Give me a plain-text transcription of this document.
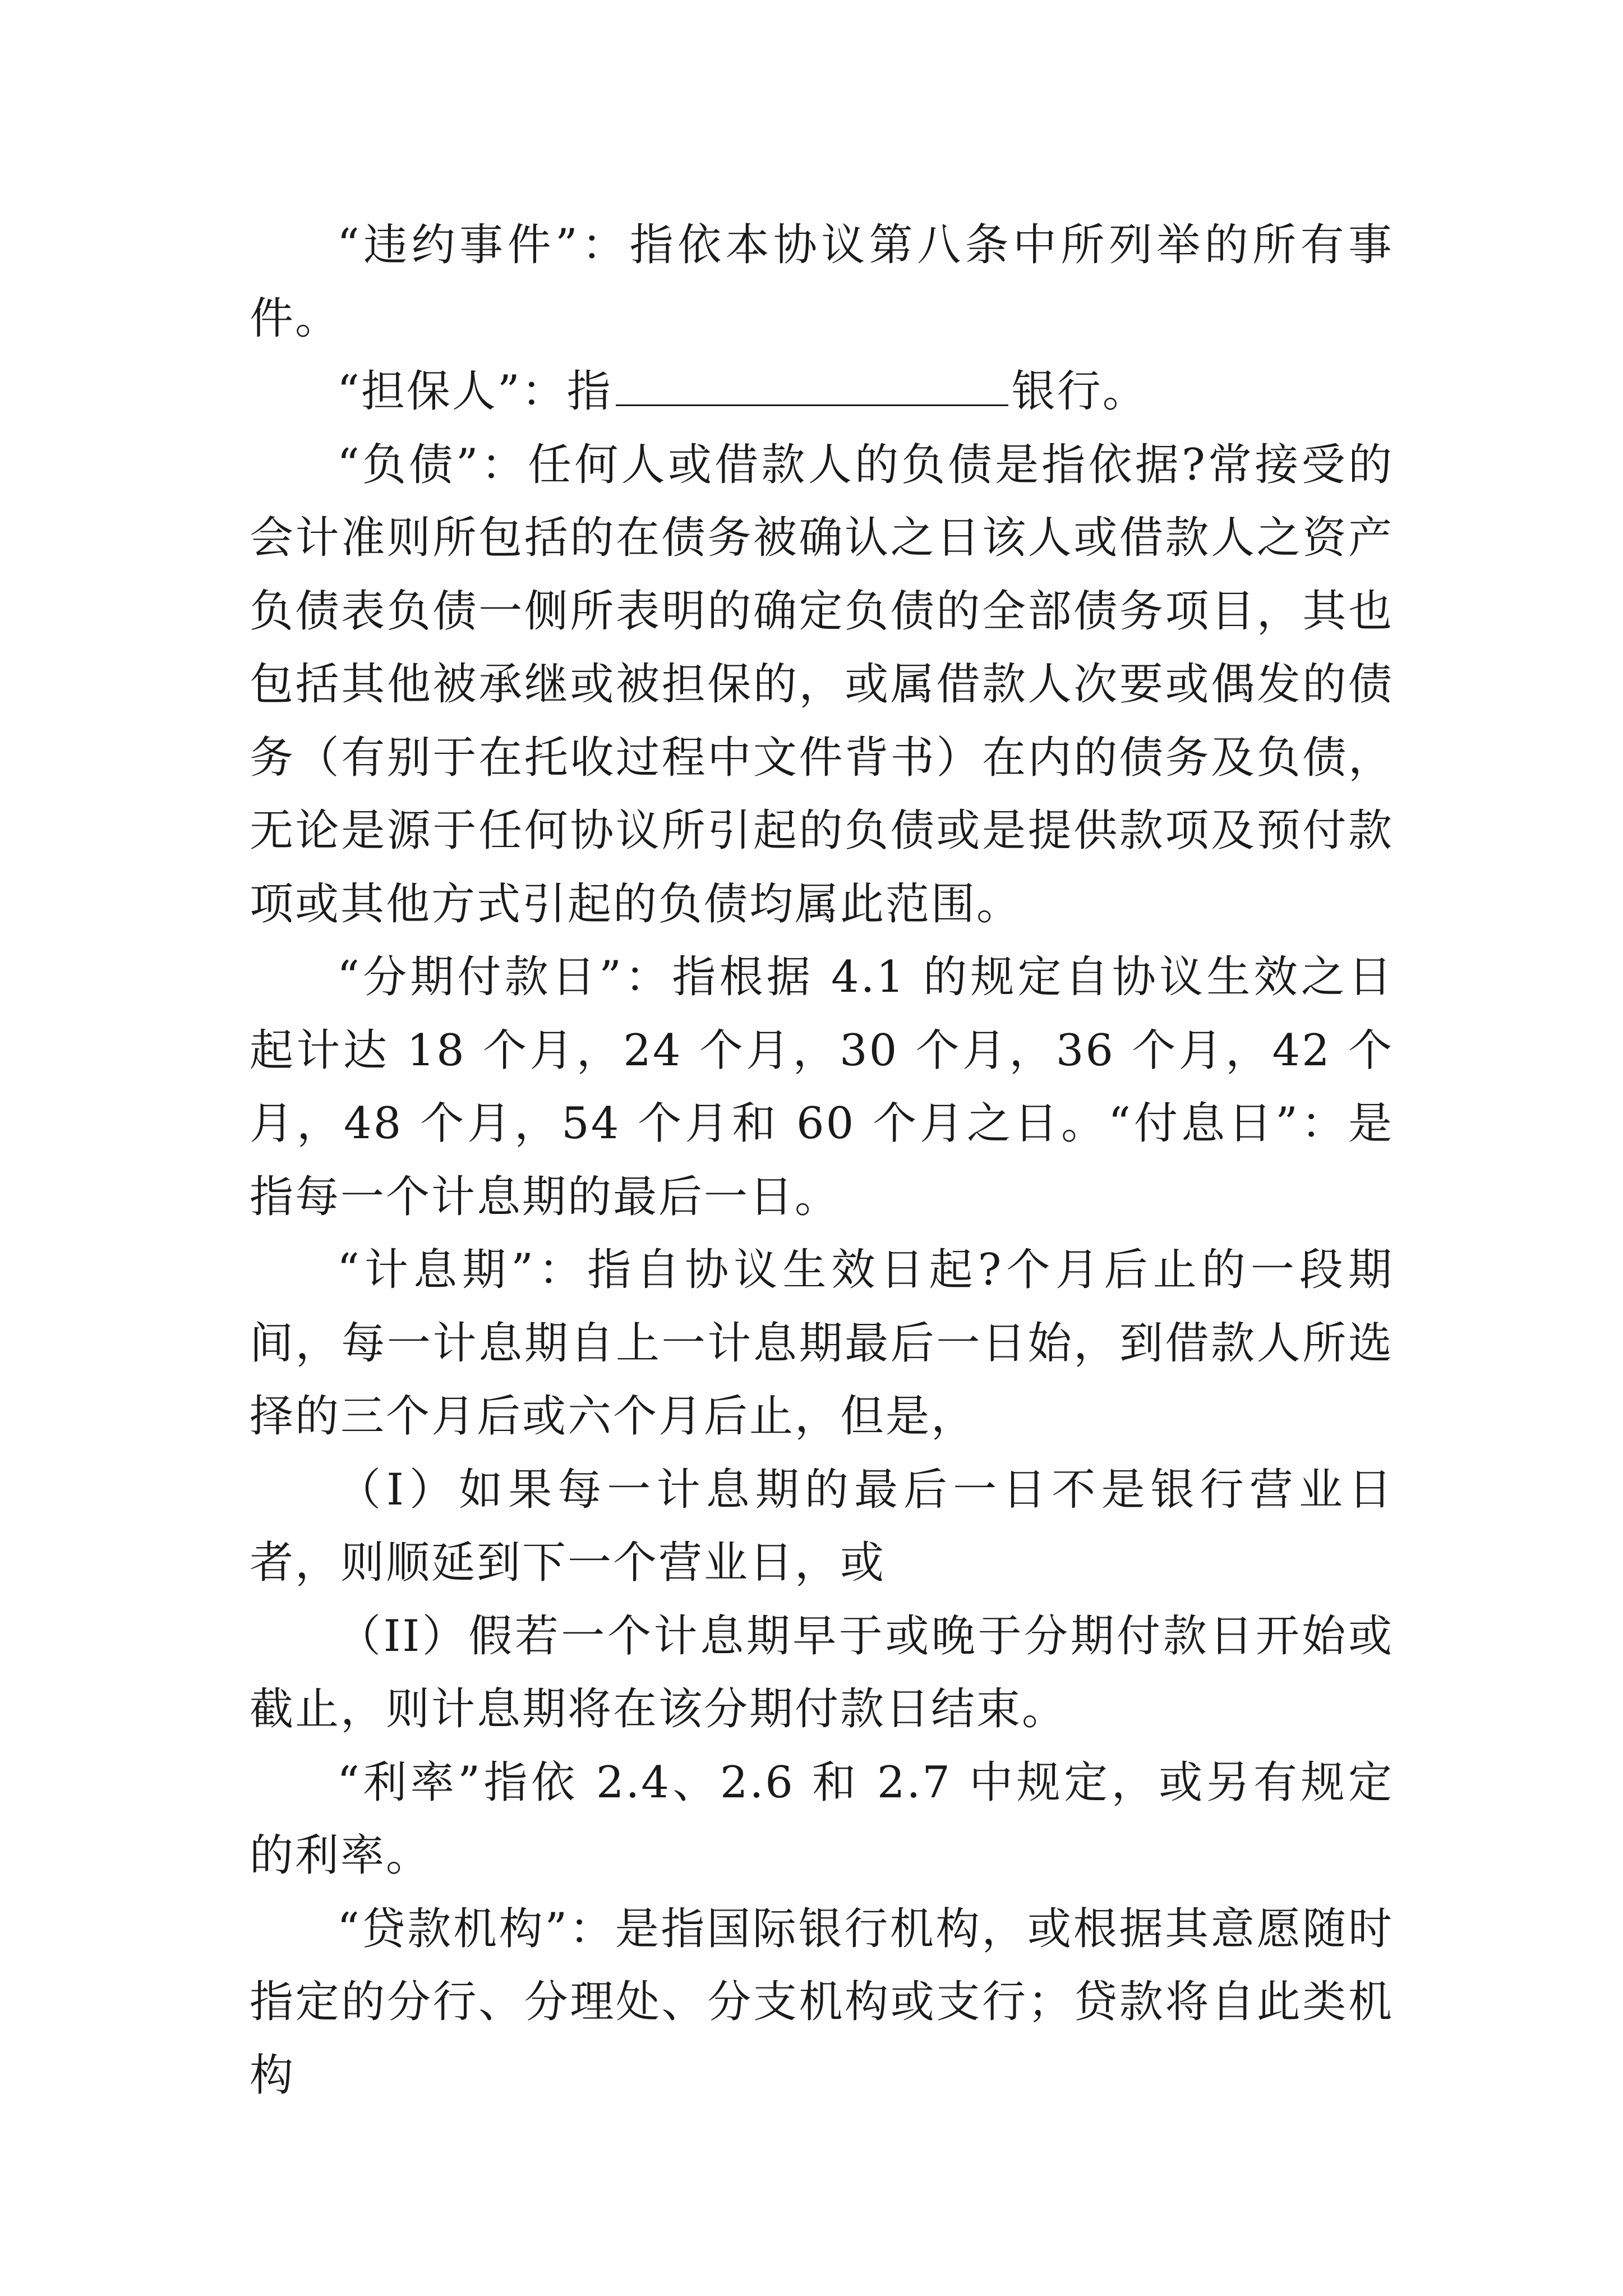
“违约事件”：指依本协议第八条中所列举的所有事件。

“担保人”：指	银行。

“负债”：任何人或借款人的负债是指依据?常接受的会计准则所包括的在债务被确认之日该人或借款人之资产负债表负债一侧所表明的确定负债的全部债务项目，其也包括其他被承继或被担保的，或属借款人次要或偶发的债务（有别于在托收过程中文件背书）在内的债务及负债，无论是源于任何协议所引起的负债或是提供款项及预付款项或其他方式引起的负债均属此范围。

“分期付款日”：指根据 4.1 的规定自协议生效之日起计达 18 个月，24 个月，30 个月，36 个月，42 个月，48 个月，54 个月和 60 个月之日。“付息日”：是指每一个计息期的最后一日。

“计息期”：指自协议生效日起?个月后止的一段期间，每一计息期自上一计息期最后一日始，到借款人所选择的三个月后或六个月后止，但是，

（I）如果每一计息期的最后一日不是银行营业日者，则顺延到下一个营业日，或

（II）假若一个计息期早于或晚于分期付款日开始或截止，则计息期将在该分期付款日结束。

“利率”指依 2.4、2.6 和 2.7 中规定，或另有规定的利率。

“贷款机构”：是指国际银行机构，或根据其意愿随时指定的分行、分理处、分支机构或支行；贷款将自此类机构
